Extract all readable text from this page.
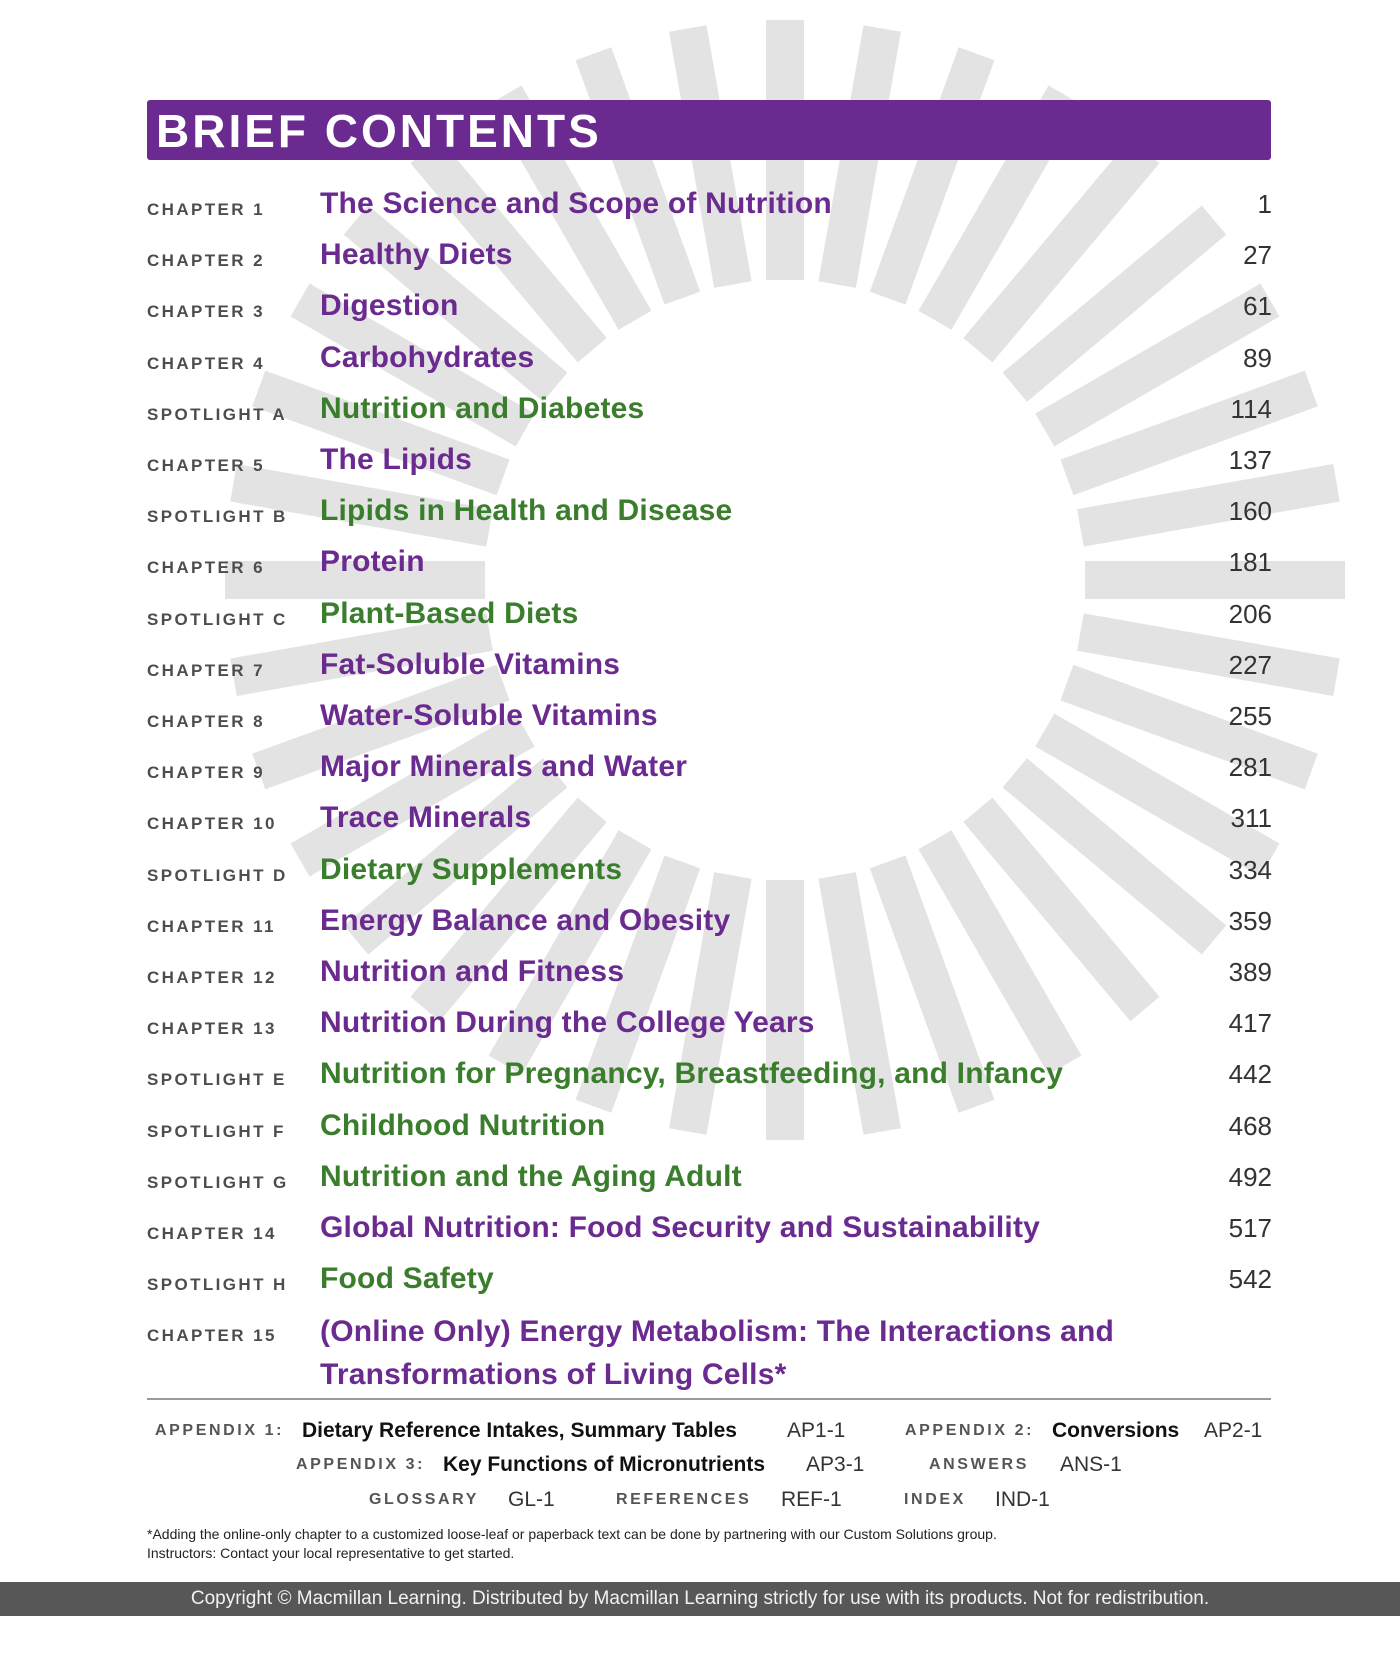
BRIEF CONTENTS
CHAPTER 1 The Science and Scope of Nutrition	1
CHAPTER 2 Healthy Diets	27
CHAPTER 3 Digestion	61
CHAPTER 4 Carbohydrates	89
SPOTLIGHT A Nutrition and Diabetes	114
CHAPTER 5 The Lipids	137
SPOTLIGHT B Lipids in Health and Disease	160
CHAPTER 6 Protein	181
SPOTLIGHT C Plant-Based Diets	206
CHAPTER 7 Fat-Soluble Vitamins	227
CHAPTER 8 Water-Soluble Vitamins	255
CHAPTER 9 Major Minerals and Water	281
CHAPTER 10 Trace Minerals	311
SPOTLIGHT D Dietary Supplements	334
CHAPTER 11 Energy Balance and Obesity	359
CHAPTER 12 Nutrition and Fitness	389
CHAPTER 13 Nutrition During the College Years	417
SPOTLIGHT E Nutrition for Pregnancy, Breastfeeding, and Infancy	442
SPOTLIGHT F Childhood Nutrition	468
SPOTLIGHT G Nutrition and the Aging Adult	492
CHAPTER 14 Global Nutrition: Food Security and Sustainability	517
SPOTLIGHT H Food Safety	542
CHAPTER 15 (Online Only) Energy Metabolism: The Interactions and Transformations of Living Cells*
APPENDIX 1: Dietary Reference Intakes, Summary Tables AP1-1	APPENDIX 2: Conversions AP2-1
APPENDIX 3: Key Functions of Micronutrients AP3-1	ANSWERS ANS-1
GLOSSARY GL-1	REFERENCES REF-1	INDEX IND-1
*Adding the online-only chapter to a customized loose-leaf or paperback text can be done by partnering with our Custom Solutions group.
Instructors: Contact your local representative to get started.
Copyright © Macmillan Learning. Distributed by Macmillan Learning strictly for use with its products. Not for redistribution.
